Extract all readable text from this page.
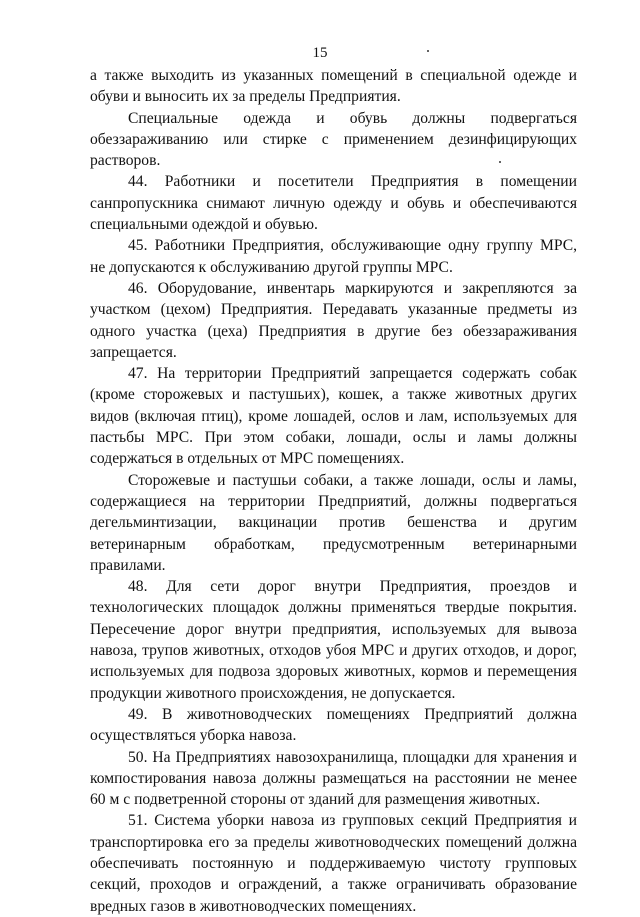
15

а также выходить из указанных помещений в специальной одежде и обуви и выносить их за пределы Предприятия.

Специальные одежда и обувь должны подвергаться обеззараживанию или стирке с применением дезинфицирующих растворов.

44. Работники и посетители Предприятия в помещении санпропускника снимают личную одежду и обувь и обеспечиваются специальными одеждой и обувью.

45. Работники Предприятия, обслуживающие одну группу МРС, не допускаются к обслуживанию другой группы МРС.

46. Оборудование, инвентарь маркируются и закрепляются за участком (цехом) Предприятия. Передавать указанные предметы из одного участка (цеха) Предприятия в другие без обеззараживания запрещается.

47. На территории Предприятий запрещается содержать собак (кроме сторожевых и пастушьих), кошек, а также животных других видов (включая птиц), кроме лошадей, ослов и лам, используемых для пастьбы МРС. При этом собаки, лошади, ослы и ламы должны содержаться в отдельных от МРС помещениях.

Сторожевые и пастушьи собаки, а также лошади, ослы и ламы, содержащиеся на территории Предприятий, должны подвергаться дегельминтизации, вакцинации против бешенства и другим ветеринарным обработкам, предусмотренным ветеринарными правилами.

48. Для сети дорог внутри Предприятия, проездов и технологических площадок должны применяться твердые покрытия. Пересечение дорог внутри предприятия, используемых для вывоза навоза, трупов животных, отходов убоя МРС и других отходов, и дорог, используемых для подвоза здоровых животных, кормов и перемещения продукции животного происхождения, не допускается.

49. В животноводческих помещениях Предприятий должна осуществляться уборка навоза.

50. На Предприятиях навозохранилища, площадки для хранения и компостирования навоза должны размещаться на расстоянии не менее 60 м с подветренной стороны от зданий для размещения животных.

51. Система уборки навоза из групповых секций Предприятия и транспортировка его за пределы животноводческих помещений должна обеспечивать постоянную и поддерживаемую чистоту групповых секций, проходов и ограждений, а также ограничивать образование вредных газов в животноводческих помещениях.
